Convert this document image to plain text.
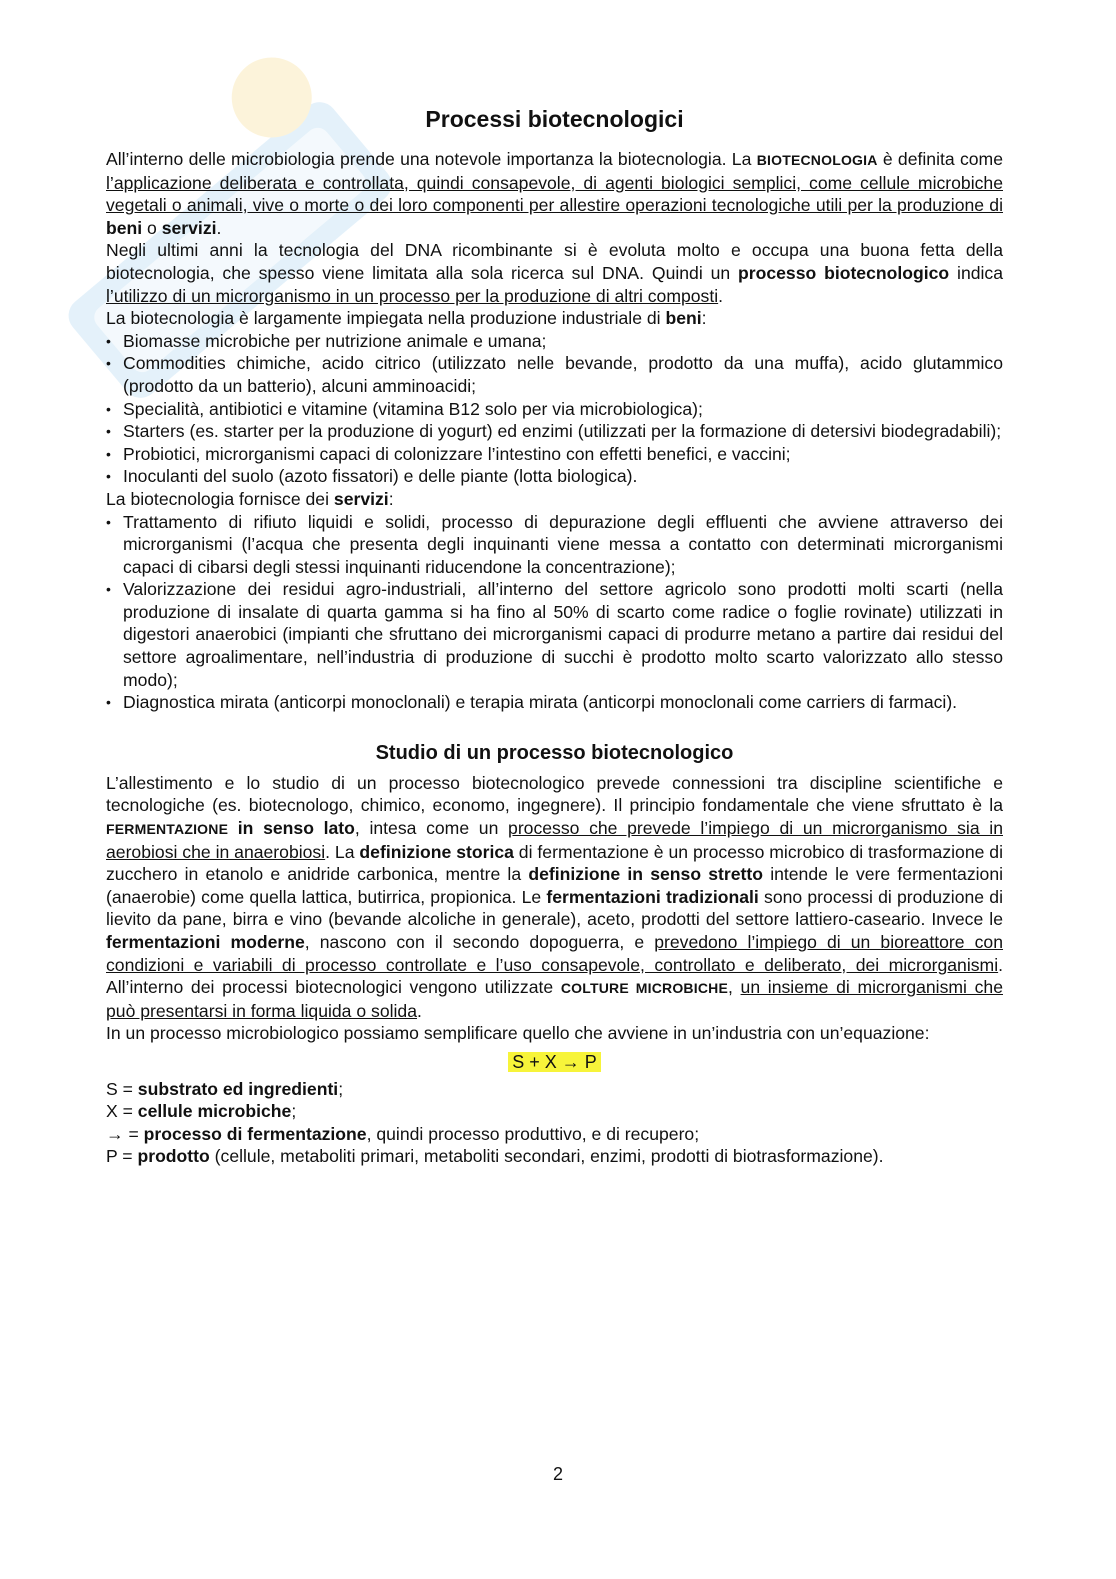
Processi biotecnologici

All’interno delle microbiologia prende una notevole importanza la biotecnologia. La BIOTECNOLOGIA è definita come l’applicazione deliberata e controllata, quindi consapevole, di agenti biologici semplici, come cellule microbiche vegetali o animali, vive o morte o dei loro componenti per allestire operazioni tecnologiche utili per la produzione di beni o servizi.

Negli ultimi anni la tecnologia del DNA ricombinante si è evoluta molto e occupa una buona fetta della biotecnologia, che spesso viene limitata alla sola ricerca sul DNA. Quindi un processo biotecnologico indica l’utilizzo di un microrganismo in un processo per la produzione di altri composti.

La biotecnologia è largamente impiegata nella produzione industriale di beni:

• Biomasse microbiche per nutrizione animale e umana;
• Commodities chimiche, acido citrico (utilizzato nelle bevande, prodotto da una muffa), acido glutammico (prodotto da un batterio), alcuni amminoacidi;
• Specialità, antibiotici e vitamine (vitamina B12 solo per via microbiologica);
• Starters (es. starter per la produzione di yogurt) ed enzimi (utilizzati per la formazione di detersivi biodegradabili);
• Probiotici, microrganismi capaci di colonizzare l’intestino con effetti benefici, e vaccini;
• Inoculanti del suolo (azoto fissatori) e delle piante (lotta biologica).

La biotecnologia fornisce dei servizi:

• Trattamento di rifiuto liquidi e solidi, processo di depurazione degli effluenti che avviene attraverso dei microrganismi (l’acqua che presenta degli inquinanti viene messa a contatto con determinati microrganismi capaci di cibarsi degli stessi inquinanti riducendone la concentrazione);
• Valorizzazione dei residui agro-industriali, all’interno del settore agricolo sono prodotti molti scarti (nella produzione di insalate di quarta gamma si ha fino al 50% di scarto come radice o foglie rovinate) utilizzati in digestori anaerobici (impianti che sfruttano dei microrganismi capaci di produrre metano a partire dai residui del settore agroalimentare, nell’industria di produzione di succhi è prodotto molto scarto valorizzato allo stesso modo);
• Diagnostica mirata (anticorpi monoclonali) e terapia mirata (anticorpi monoclonali come carriers di farmaci).
Studio di un processo biotecnologico

L’allestimento e lo studio di un processo biotecnologico prevede connessioni tra discipline scientifiche e tecnologiche (es. biotecnologo, chimico, economo, ingegnere). Il principio fondamentale che viene sfruttato è la FERMENTAZIONE in senso lato, intesa come un processo che prevede l’impiego di un microrganismo sia in aerobiosi che in anaerobiosi. La definizione storica di fermentazione è un processo microbico di trasformazione di zucchero in etanolo e anidride carbonica, mentre la definizione in senso stretto intende le vere fermentazioni (anaerobie) come quella lattica, butirrica, propionica. Le fermentazioni tradizionali sono processi di produzione di lievito da pane, birra e vino (bevande alcoliche in generale), aceto, prodotti del settore lattiero-caseario. Invece le fermentazioni moderne, nascono con il secondo dopoguerra, e prevedono l’impiego di un bioreattore con condizioni e variabili di processo controllate e l’uso consapevole, controllato e deliberato, dei microrganismi. All’interno dei processi biotecnologici vengono utilizzate COLTURE MICROBICHE, un insieme di microrganismi che può presentarsi in forma liquida o solida.

In un processo microbiologico possiamo semplificare quello che avviene in un’industria con un’equazione:

S + X → P

S = substrato ed ingredienti;

X = cellule microbiche;

→ = processo di fermentazione, quindi processo produttivo, e di recupero;

P = prodotto (cellule, metaboliti primari, metaboliti secondari, enzimi, prodotti di biotrasformazione).

2
